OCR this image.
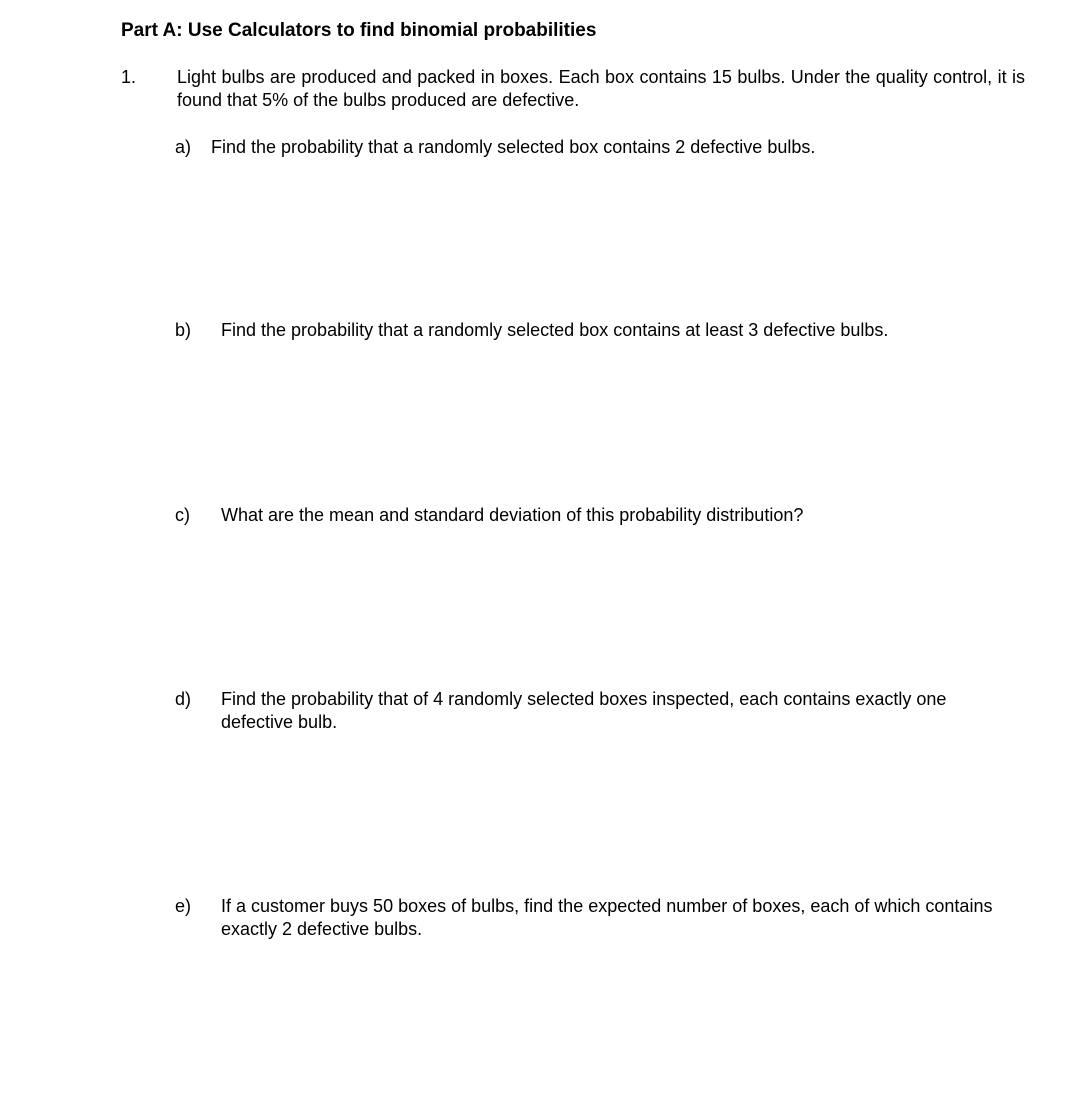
Part A: Use Calculators to find binomial probabilities
1. Light bulbs are produced and packed in boxes. Each box contains 15 bulbs. Under the quality control, it is found that 5% of the bulbs produced are defective.
a) Find the probability that a randomly selected box contains 2 defective bulbs.
b) Find the probability that a randomly selected box contains at least 3 defective bulbs.
c) What are the mean and standard deviation of this probability distribution?
d) Find the probability that of 4 randomly selected boxes inspected, each contains exactly one defective bulb.
e) If a customer buys 50 boxes of bulbs, find the expected number of boxes, each of which contains exactly 2 defective bulbs.
